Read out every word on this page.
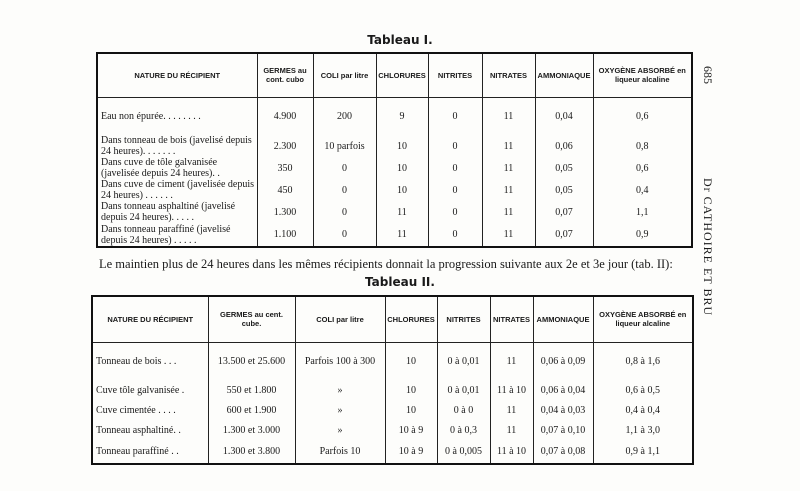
Tableau I.
NATURE DU RÉCIPIENT	GERMES au cont. cubo	COLI par litre	CHLORURES	NITRITES	NITRATES	AMMONIAQUE	OXYGÈNE ABSORBÉ en liqueur alcaline
Eau non épurée. . . . . . . .	4.900	200	9	0	11	0,04	0,6
Dans tonneau de bois (javelisé depuis 24 heures). . . . . . .	2.300	10 parfois	10	0	11	0,06	0,8
Dans cuve de tôle galvanisée (javelisée depuis 24 heures). .	350	0	10	0	11	0,05	0,6
Dans cuve de ciment (javelisée depuis 24 heures) . . . . . .	450	0	10	0	11	0,05	0,4
Dans tonneau asphaltiné (javelisé depuis 24 heures). . . . .	1.300	0	11	0	11	0,07	1,1
Dans tonneau paraffiné (javelisé depuis 24 heures) . . . . .	1.100	0	11	0	11	0,07	0,9
Le maintien plus de 24 heures dans les mêmes récipients donnait la progression suivante aux 2e et 3e jour (tab. II):
Tableau II.
NATURE DU RÉCIPIENT	GERMES au cent. cube.	COLI par litre	CHLORURES	NITRITES	NITRATES	AMMONIAQUE	OXYGÈNE ABSORBÉ en liqueur alcaline
Tonneau de bois . . .	13.500 et 25.600	Parfois 100 à 300	10	0 à 0,01	11	0,06 à 0,09	0,8 à 1,6
Cuve tôle galvanisée .	550 et 1.800	»	10	0 à 0,01	11 à 10	0,06 à 0,04	0,6 à 0,5
Cuve cimentée . . . .	600 et 1.900	»	10	0 à 0	11	0,04 à 0,03	0,4 à 0,4
Tonneau asphaltiné. .	1.300 et 3.000	»	10 à 9	0 à 0,3	11	0,07 à 0,10	1,1 à 3,0
Tonneau paraffiné . .	1.300 et 3.800	Parfois 10	10 à 9	0 à 0,005	11 à 10	0,07 à 0,08	0,9 à 1,1
685
Dr CATHOIRE ET BRU
